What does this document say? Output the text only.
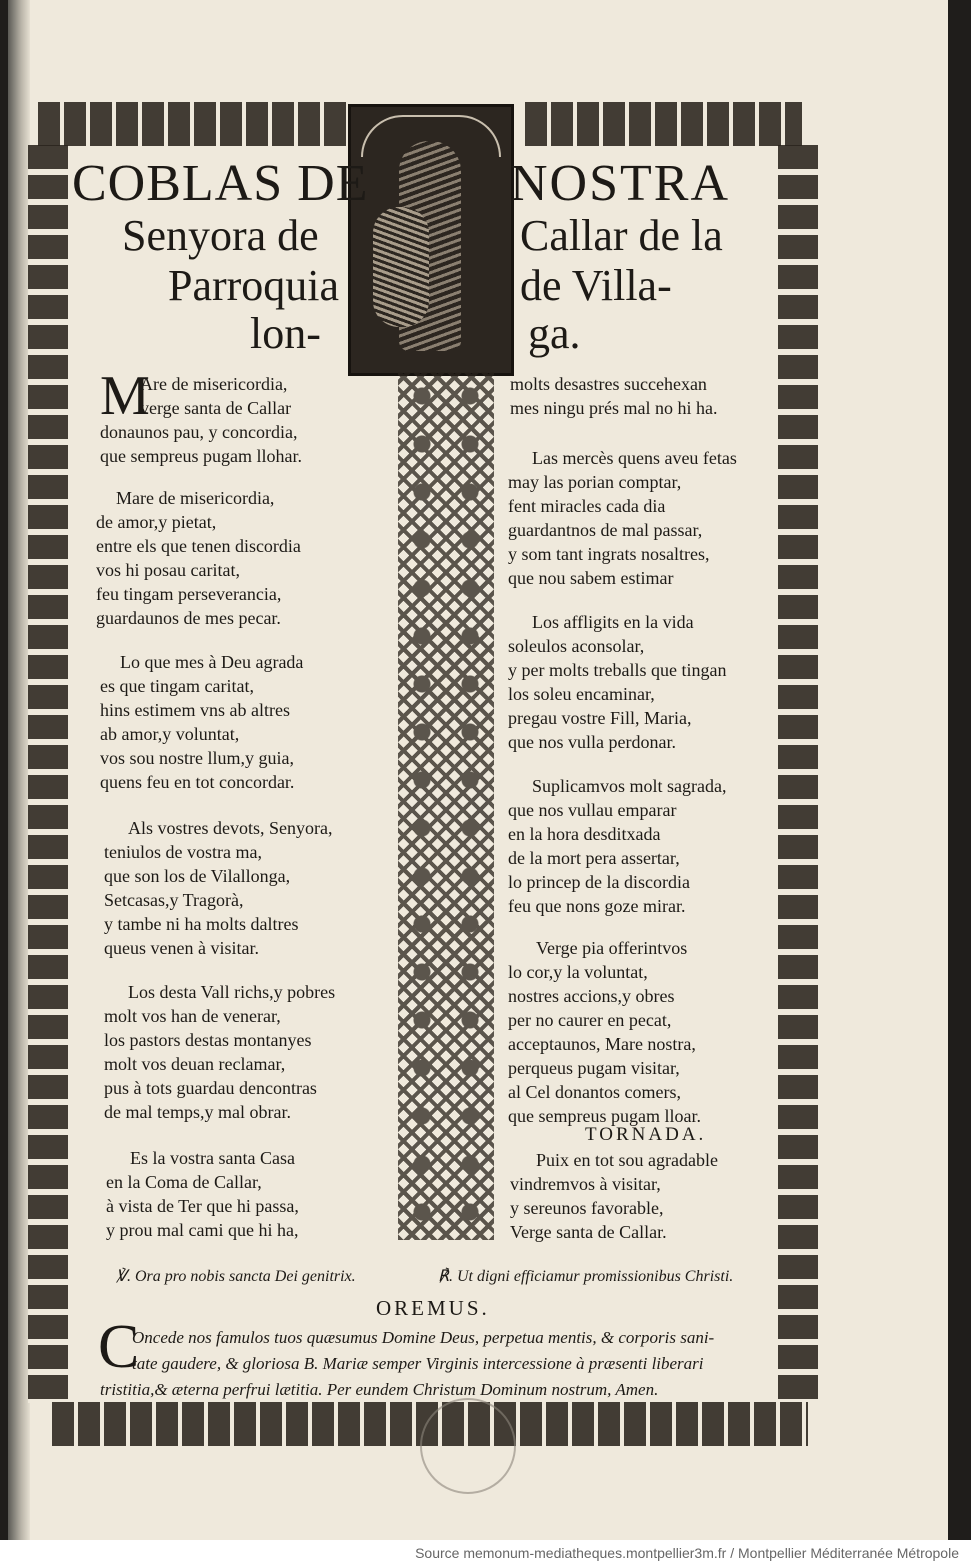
COBLAS DE
Senyora de
Parroquia
lon-
NOSTRA
Callar de la
de Villa-
ga.
M
Are de misericordia,
verge santa de Callar
donaunos pau, y concordia,
que sempreus pugam llohar.
Mare de misericordia,
de amor,y pietat,
entre els que tenen discordia
vos hi posau caritat,
feu tingam perseverancia,
guardaunos de mes pecar.
Lo que mes à Deu agrada
es que tingam caritat,
hins estimem vns ab altres
ab amor,y voluntat,
vos sou nostre llum,y guia,
quens feu en tot concordar.
Als vostres devots, Senyora,
teniulos de vostra ma,
que son los de Vilallonga,
Setcasas,y Tragorà,
y tambe ni ha molts daltres
queus venen à visitar.
Los desta Vall richs,y pobres
molt vos han de venerar,
los pastors destas montanyes
molt vos deuan reclamar,
pus à tots guardau dencontras
de mal temps,y mal obrar.
Es la vostra santa Casa
en la Coma de Callar,
à vista de Ter que hi passa,
y prou mal cami que hi ha,
molts desastres succehexan
mes ningu prés mal no hi ha.
Las mercès quens aveu fetas
may las porian comptar,
fent miracles cada dia
guardantnos de mal passar,
y som tant ingrats nosaltres,
que nou sabem estimar
Los affligits en la vida
soleulos aconsolar,
y per molts treballs que tingan
los soleu encaminar,
pregau vostre Fill, Maria,
que nos vulla perdonar.
Suplicamvos molt sagrada,
que nos vullau emparar
en la hora desditxada
de la mort pera assertar,
lo princep de la discordia
feu que nons goze mirar.
Verge pia offerintvos
lo cor,y la voluntat,
nostres accions,y obres
per no caurer en pecat,
acceptaunos, Mare nostra,
perqueus pugam visitar,
al Cel donantos comers,
que sempreus pugam lloar.
TORNADA.
Puix en tot sou agradable
vindremvos à visitar,
y sereunos favorable,
Verge santa de Callar.
℣. Ora pro nobis sancta Dei genitrix.	℟. Ut digni efficiamur promissionibus Christi.
OREMUS.
C
Oncede nos famulos tuos quæsumus Domine Deus, perpetua mentis, & corporis sani-
tate gaudere, & gloriosa B. Mariæ semper Virginis intercessione à præsenti liberari
tristitia,& æterna perfrui lætitia. Per eundem Christum Dominum nostrum, Amen.
Source memonum-mediatheques.montpellier3m.fr / Montpellier Méditerranée Métropole
